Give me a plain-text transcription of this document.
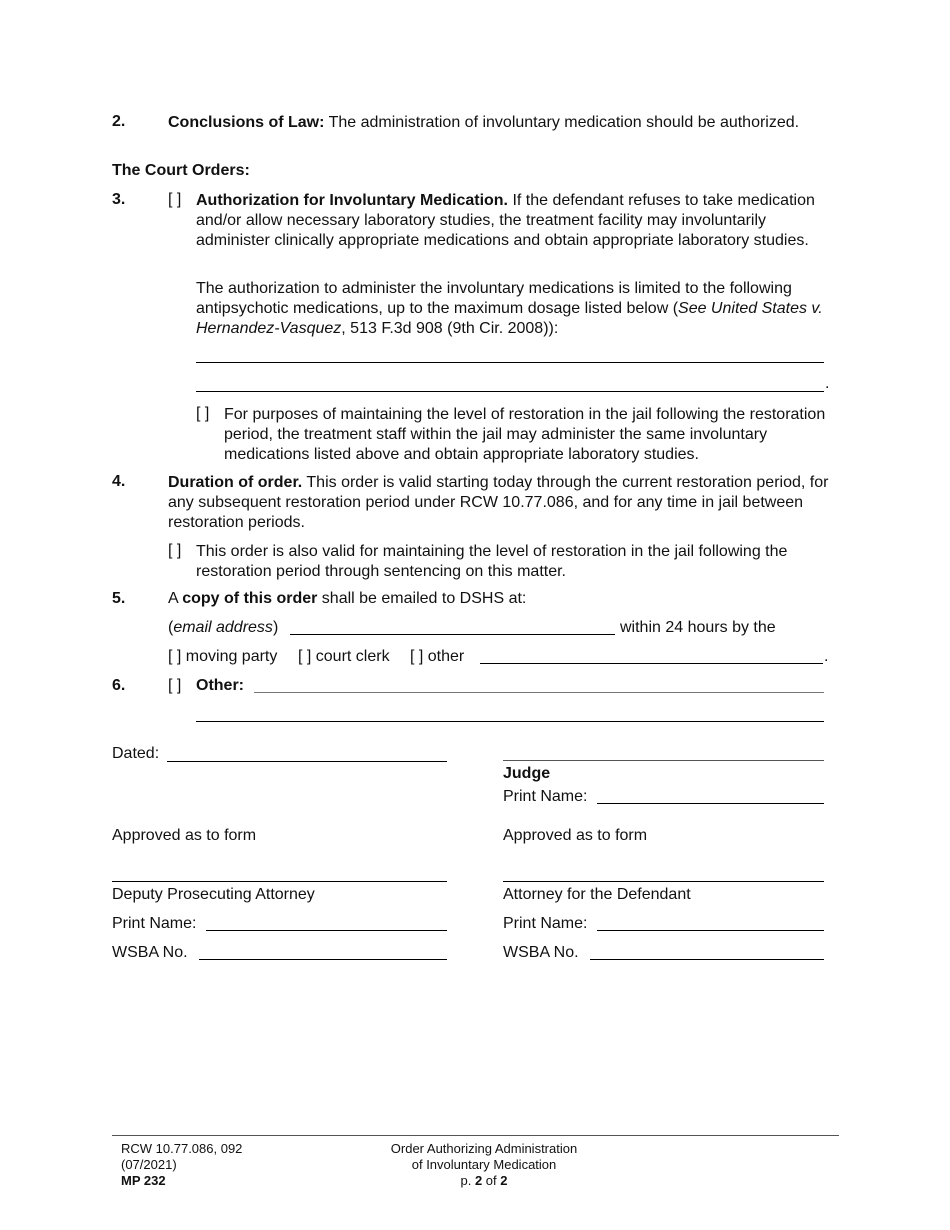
2.	Conclusions of Law: The administration of involuntary medication should be authorized.
The Court Orders:
3.	[ ] Authorization for Involuntary Medication. If the defendant refuses to take medication and/or allow necessary laboratory studies, the treatment facility may involuntarily administer clinically appropriate medications and obtain appropriate laboratory studies.
The authorization to administer the involuntary medications is limited to the following antipsychotic medications, up to the maximum dosage listed below (See United States v. Hernandez-Vasquez, 513 F.3d 908 (9th Cir. 2008)):
.
[ ] For purposes of maintaining the level of restoration in the jail following the restoration period, the treatment staff within the jail may administer the same involuntary medications listed above and obtain appropriate laboratory studies.
4.	Duration of order. This order is valid starting today through the current restoration period, for any subsequent restoration period under RCW 10.77.086, and for any time in jail between restoration periods.
[ ] This order is also valid for maintaining the level of restoration in the jail following the restoration period through sentencing on this matter.
5.	A copy of this order shall be emailed to DSHS at:
(email address)	within 24 hours by the
[ ] moving party [ ] court clerk [ ] other	.
6.	[ ] Other:
Dated:
Judge
Print Name:
Approved as to form	Approved as to form
Deputy Prosecuting Attorney	Attorney for the Defendant
Print Name:	Print Name:
WSBA No.	WSBA No.
RCW 10.77.086, 092
(07/2021)
MP 232
Order Authorizing Administration
of Involuntary Medication
p. 2 of 2
